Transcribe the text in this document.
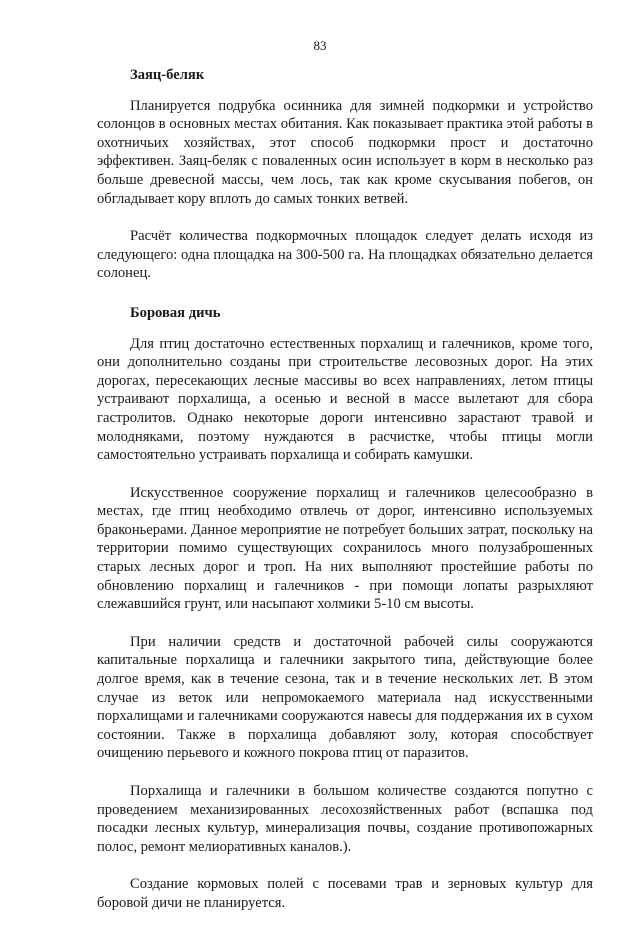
83
Заяц-беляк

Планируется подрубка осинника для зимней подкормки и устройство солонцов в основных местах обитания. Как показывает практика этой работы в охотничьих хозяйствах, этот способ подкормки прост и достаточно эффективен. Заяц-беляк с поваленных осин использует в корм в несколько раз больше древесной массы, чем лось, так как кроме скусывания побегов, он обгладывает кору вплоть до самых тонких ветвей.

Расчёт количества подкормочных площадок следует делать исходя из следующего: одна площадка на 300-500 га. На площадках обязательно делается солонец.

Боровая дичь

Для птиц достаточно естественных порхалищ и галечников, кроме того, они дополнительно созданы при строительстве лесовозных дорог. На этих дорогах, пересекающих лесные массивы во всех направлениях, летом птицы устраивают порхалища, а осенью и весной в массе вылетают для сбора гастролитов. Однако некоторые дороги интенсивно зарастают травой и молодняками, поэтому нуждаются в расчистке, чтобы птицы могли самостоятельно устраивать порхалища и собирать камушки.

Искусственное сооружение порхалищ и галечников целесообразно в местах, где птиц необходимо отвлечь от дорог, интенсивно используемых браконьерами. Данное мероприятие не потребует больших затрат, поскольку на территории помимо существующих сохранилось много полузаброшенных старых лесных дорог и троп. На них выполняют простейшие работы по обновлению порхалищ и галечников - при помощи лопаты разрыхляют слежавшийся грунт, или насыпают холмики 5-10 см высоты.

При наличии средств и достаточной рабочей силы сооружаются капитальные порхалища и галечники закрытого типа, действующие более долгое время, как в течение сезона, так и в течение нескольких лет. В этом случае из веток или непромокаемого материала над искусственными порхалищами и галечниками сооружаются навесы для поддержания их в сухом состоянии. Также в порхалища добавляют золу, которая способствует очищению перьевого и кожного покрова птиц от паразитов.

Порхалища и галечники в большом количестве создаются попутно с проведением механизированных лесохозяйственных работ (вспашка под посадки лесных культур, минерализация почвы, создание противопожарных полос, ремонт мелиоративных каналов.).

Создание кормовых полей с посевами трав и зерновых культур для боровой дичи не планируется.
